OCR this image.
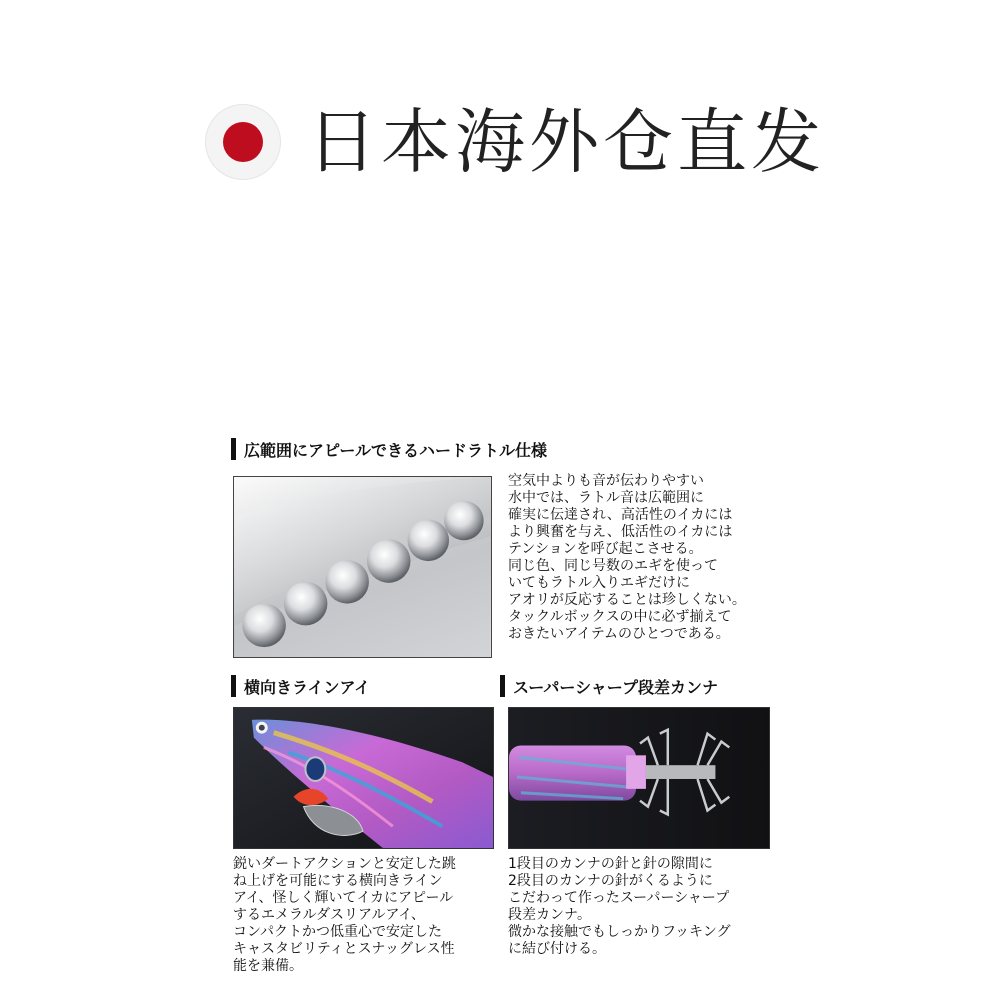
日本海外仓直发
広範囲にアピールできるハードラトル仕様
空気中よりも音が伝わりやすい
水中では、ラトル音は広範囲に
確実に伝達され、高活性のイカには
より興奮を与え、低活性のイカには
テンションを呼び起こさせる。
同じ色、同じ号数のエギを使って
いてもラトル入りエギだけに
アオリが反応することは珍しくない。
タックルボックスの中に必ず揃えて
おきたいアイテムのひとつである。
横向きラインアイ	スーパーシャープ段差カンナ
鋭いダートアクションと安定した跳
ね上げを可能にする横向きライン
アイ、怪しく輝いてイカにアピール
するエメラルダスリアルアイ、
コンパクトかつ低重心で安定した
キャスタビリティとスナッグレス性
能を兼備。
1段目のカンナの針と針の隙間に
2段目のカンナの針がくるように
こだわって作ったスーパーシャープ
段差カンナ。
微かな接触でもしっかりフッキング
に結び付ける。
